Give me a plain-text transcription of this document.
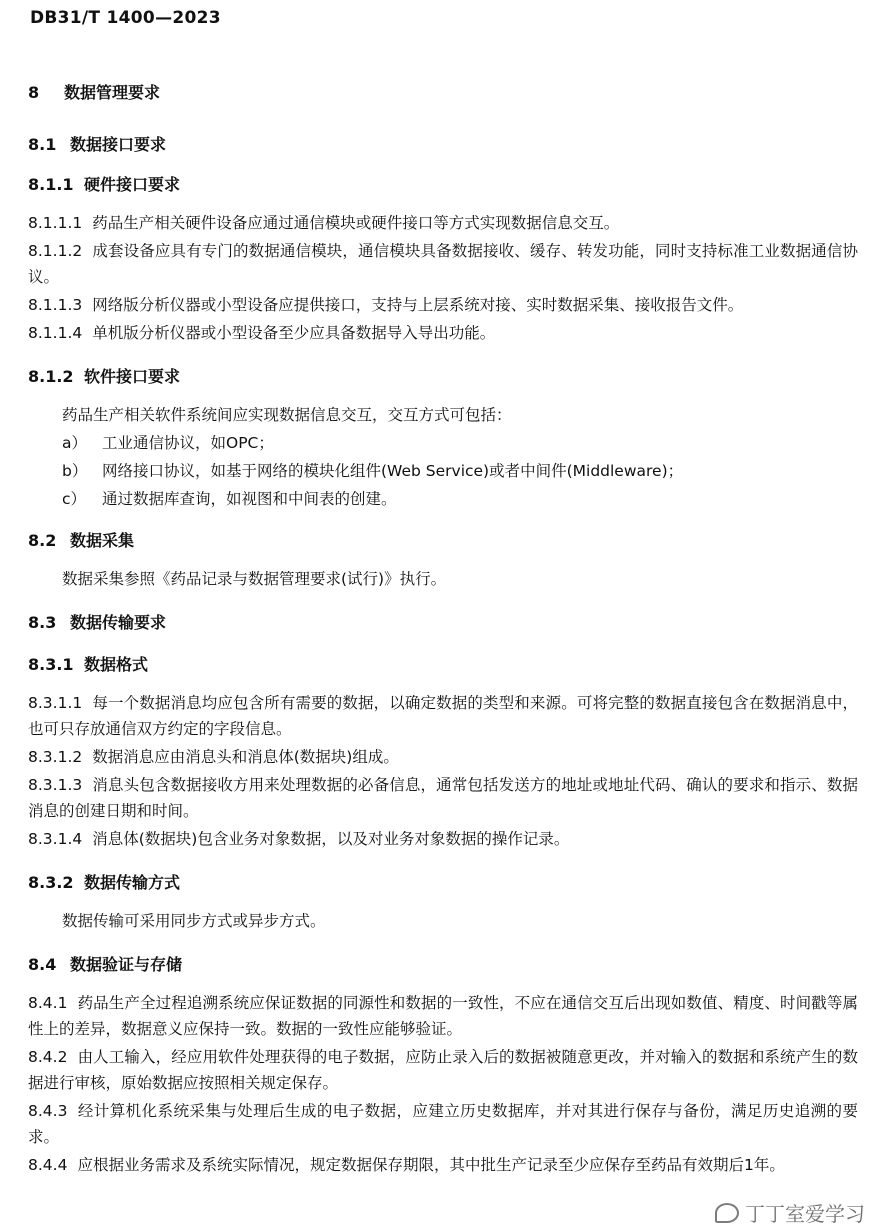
DB31/T 1400—2023
8 数据管理要求
8.1 数据接口要求
8.1.1 硬件接口要求
8.1.1.1 药品生产相关硬件设备应通过通信模块或硬件接口等方式实现数据信息交互。
8.1.1.2 成套设备应具有专门的数据通信模块，通信模块具备数据接收、缓存、转发功能，同时支持标准工业数据通信协议。
8.1.1.3 网络版分析仪器或小型设备应提供接口，支持与上层系统对接、实时数据采集、接收报告文件。
8.1.1.4 单机版分析仪器或小型设备至少应具备数据导入导出功能。
8.1.2 软件接口要求
药品生产相关软件系统间应实现数据信息交互，交互方式可包括：
a） 工业通信协议，如OPC；
b） 网络接口协议，如基于网络的模块化组件(Web Service)或者中间件(Middleware)；
c） 通过数据库查询，如视图和中间表的创建。
8.2 数据采集
数据采集参照《药品记录与数据管理要求(试行)》执行。
8.3 数据传输要求
8.3.1 数据格式
8.3.1.1 每一个数据消息均应包含所有需要的数据，以确定数据的类型和来源。可将完整的数据直接包含在数据消息中，也可只存放通信双方约定的字段信息。
8.3.1.2 数据消息应由消息头和消息体(数据块)组成。
8.3.1.3 消息头包含数据接收方用来处理数据的必备信息，通常包括发送方的地址或地址代码、确认的要求和指示、数据消息的创建日期和时间。
8.3.1.4 消息体(数据块)包含业务对象数据，以及对业务对象数据的操作记录。
8.3.2 数据传输方式
数据传输可采用同步方式或异步方式。
8.4 数据验证与存储
8.4.1 药品生产全过程追溯系统应保证数据的同源性和数据的一致性，不应在通信交互后出现如数值、精度、时间戳等属性上的差异，数据意义应保持一致。数据的一致性应能够验证。
8.4.2 由人工输入，经应用软件处理获得的电子数据，应防止录入后的数据被随意更改，并对输入的数据和系统产生的数据进行审核，原始数据应按照相关规定保存。
8.4.3 经计算机化系统采集与处理后生成的电子数据，应建立历史数据库，并对其进行保存与备份，满足历史追溯的要求。
8.4.4 应根据业务需求及系统实际情况，规定数据保存期限，其中批生产记录至少应保存至药品有效期后1年。
丁丁室爱学习
